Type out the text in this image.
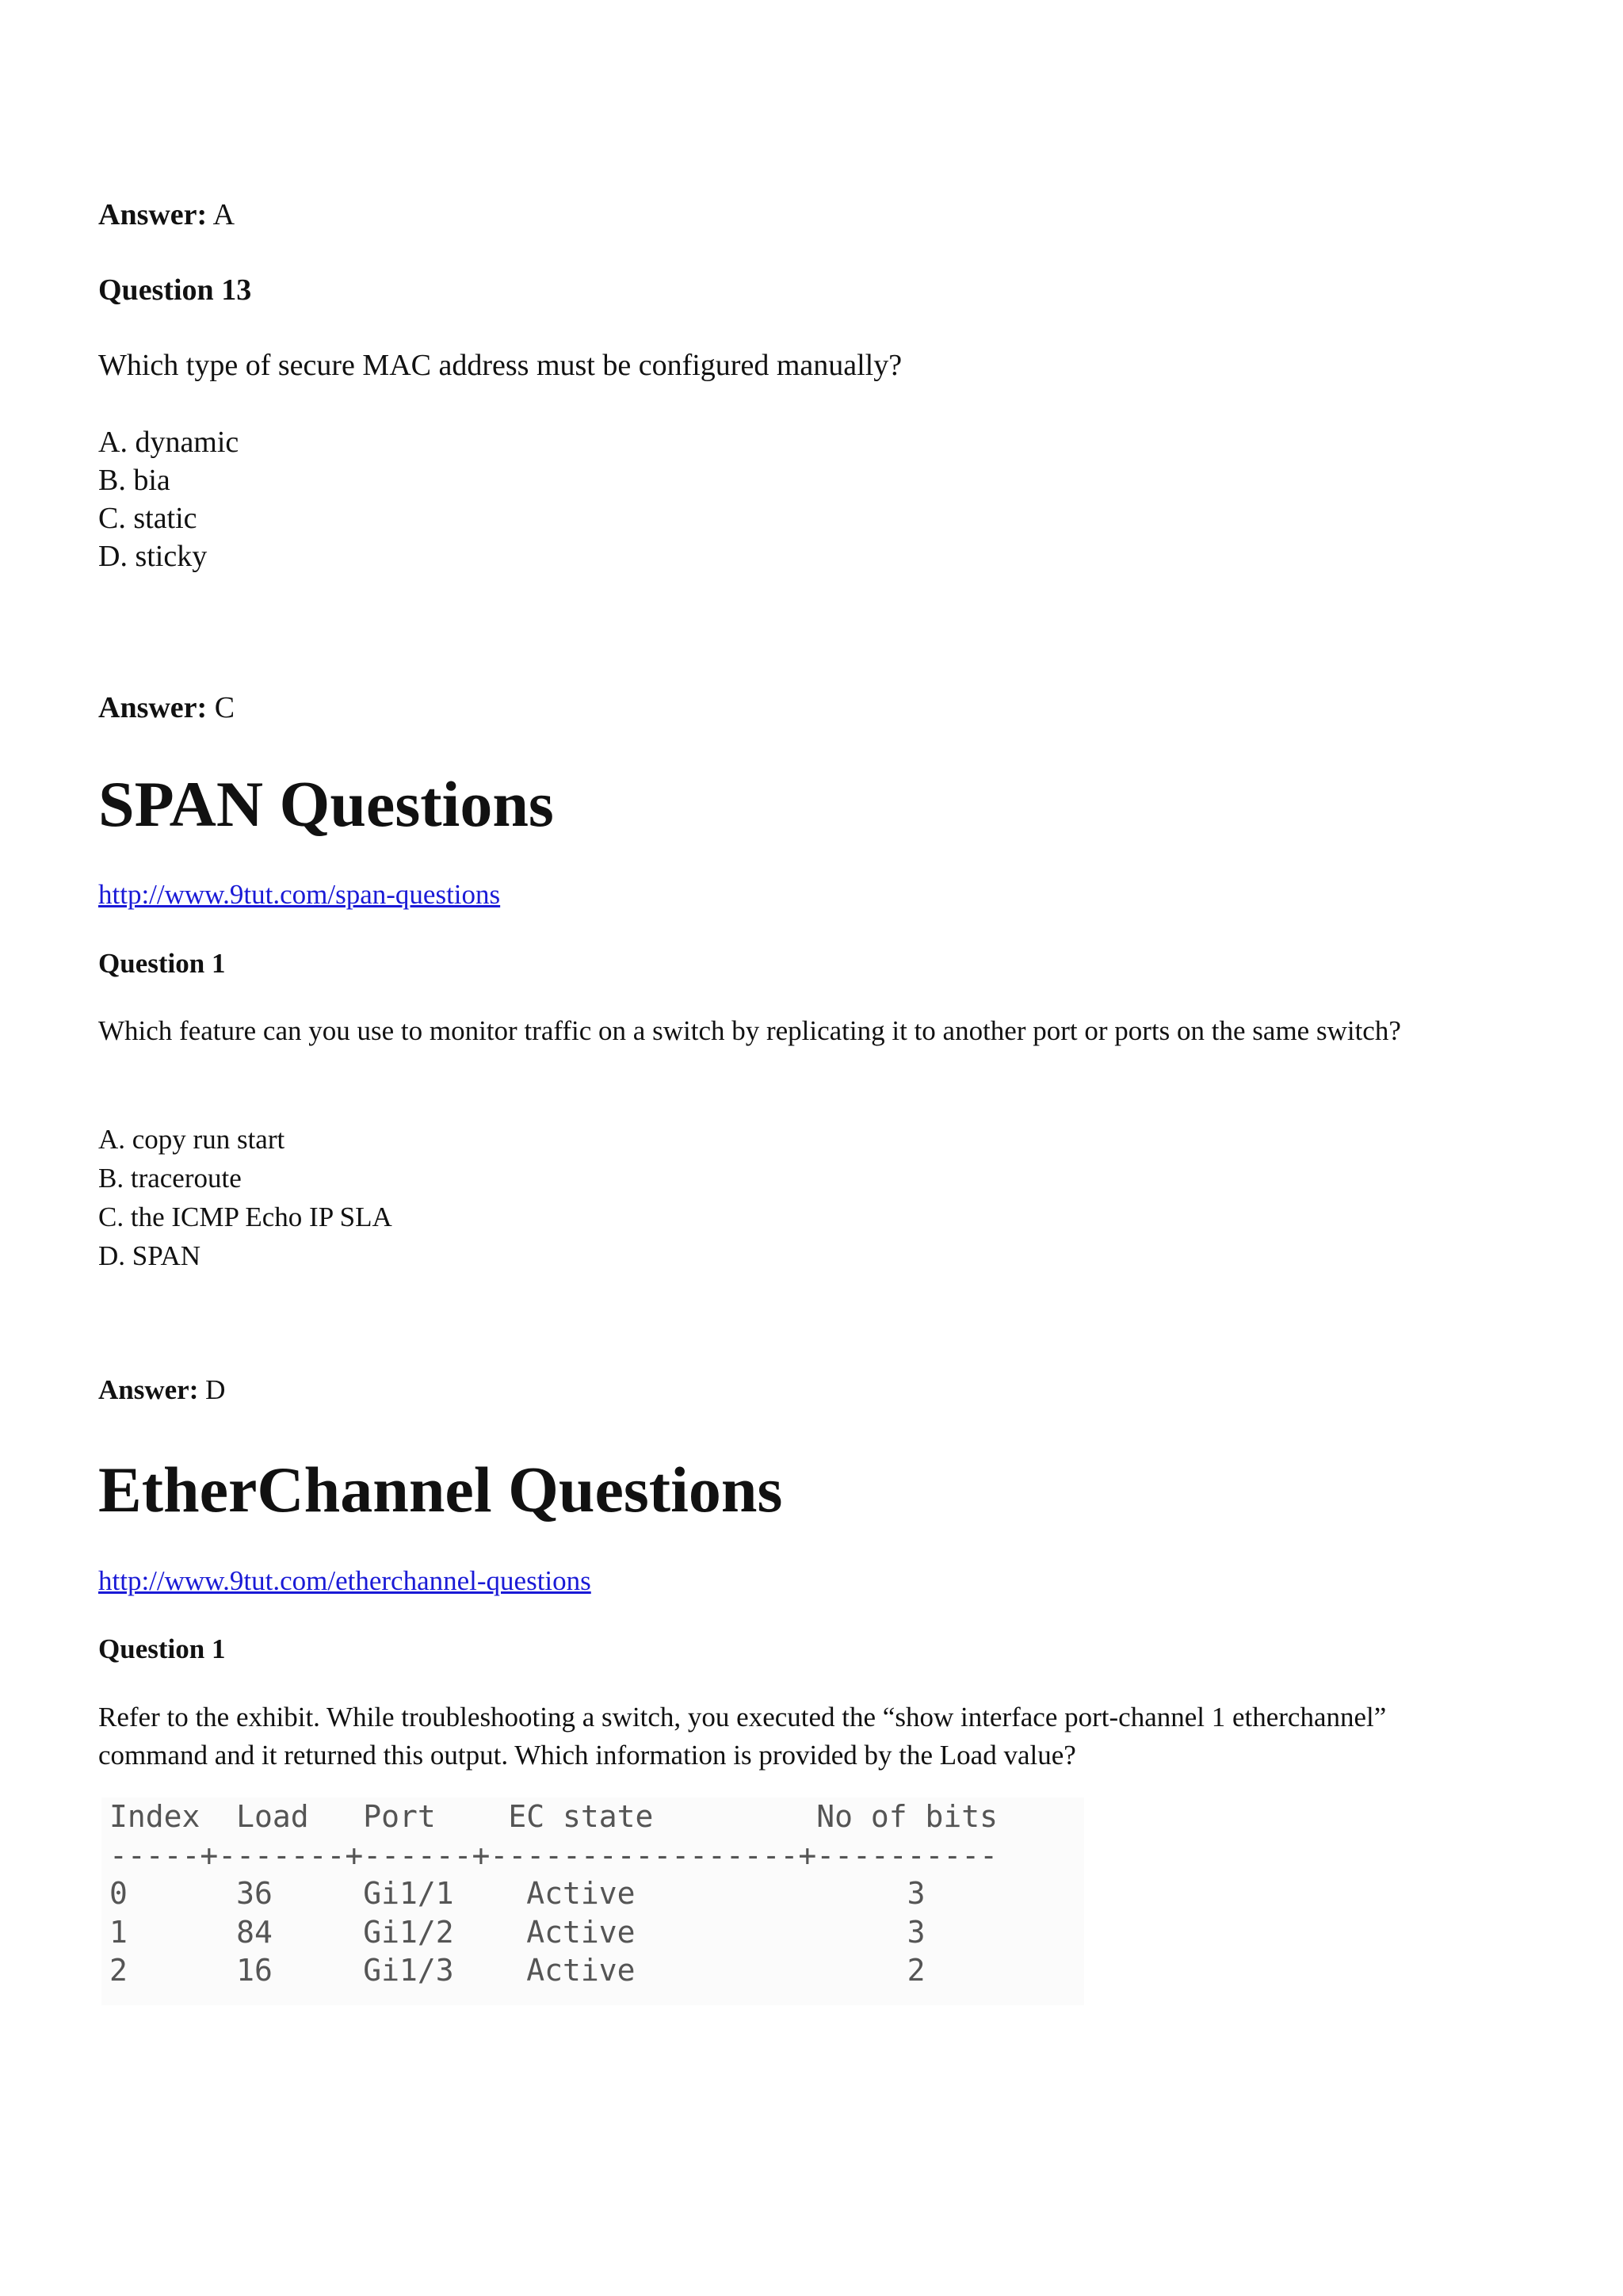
Answer: A

Question 13

Which type of secure MAC address must be configured manually?

A. dynamic
B. bia
C. static
D. sticky

Answer: C

SPAN Questions
http://www.9tut.com/span-questions

Question 1

Which feature can you use to monitor traffic on a switch by replicating it to another port or ports on the same switch?

A. copy run start
B. traceroute
C. the ICMP Echo IP SLA
D. SPAN

Answer: D

EtherChannel Questions
http://www.9tut.com/etherchannel-questions

Question 1

Refer to the exhibit. While troubleshooting a switch, you executed the “show interface port-channel 1 etherchannel” command and it returned this output. Which information is provided by the Load value?

Index  Load   Port    EC state         No of bits
-----+-------+------+-----------------+----------
0      36     Gi1/1    Active               3
1      84     Gi1/2    Active               3
2      16     Gi1/3    Active               2
